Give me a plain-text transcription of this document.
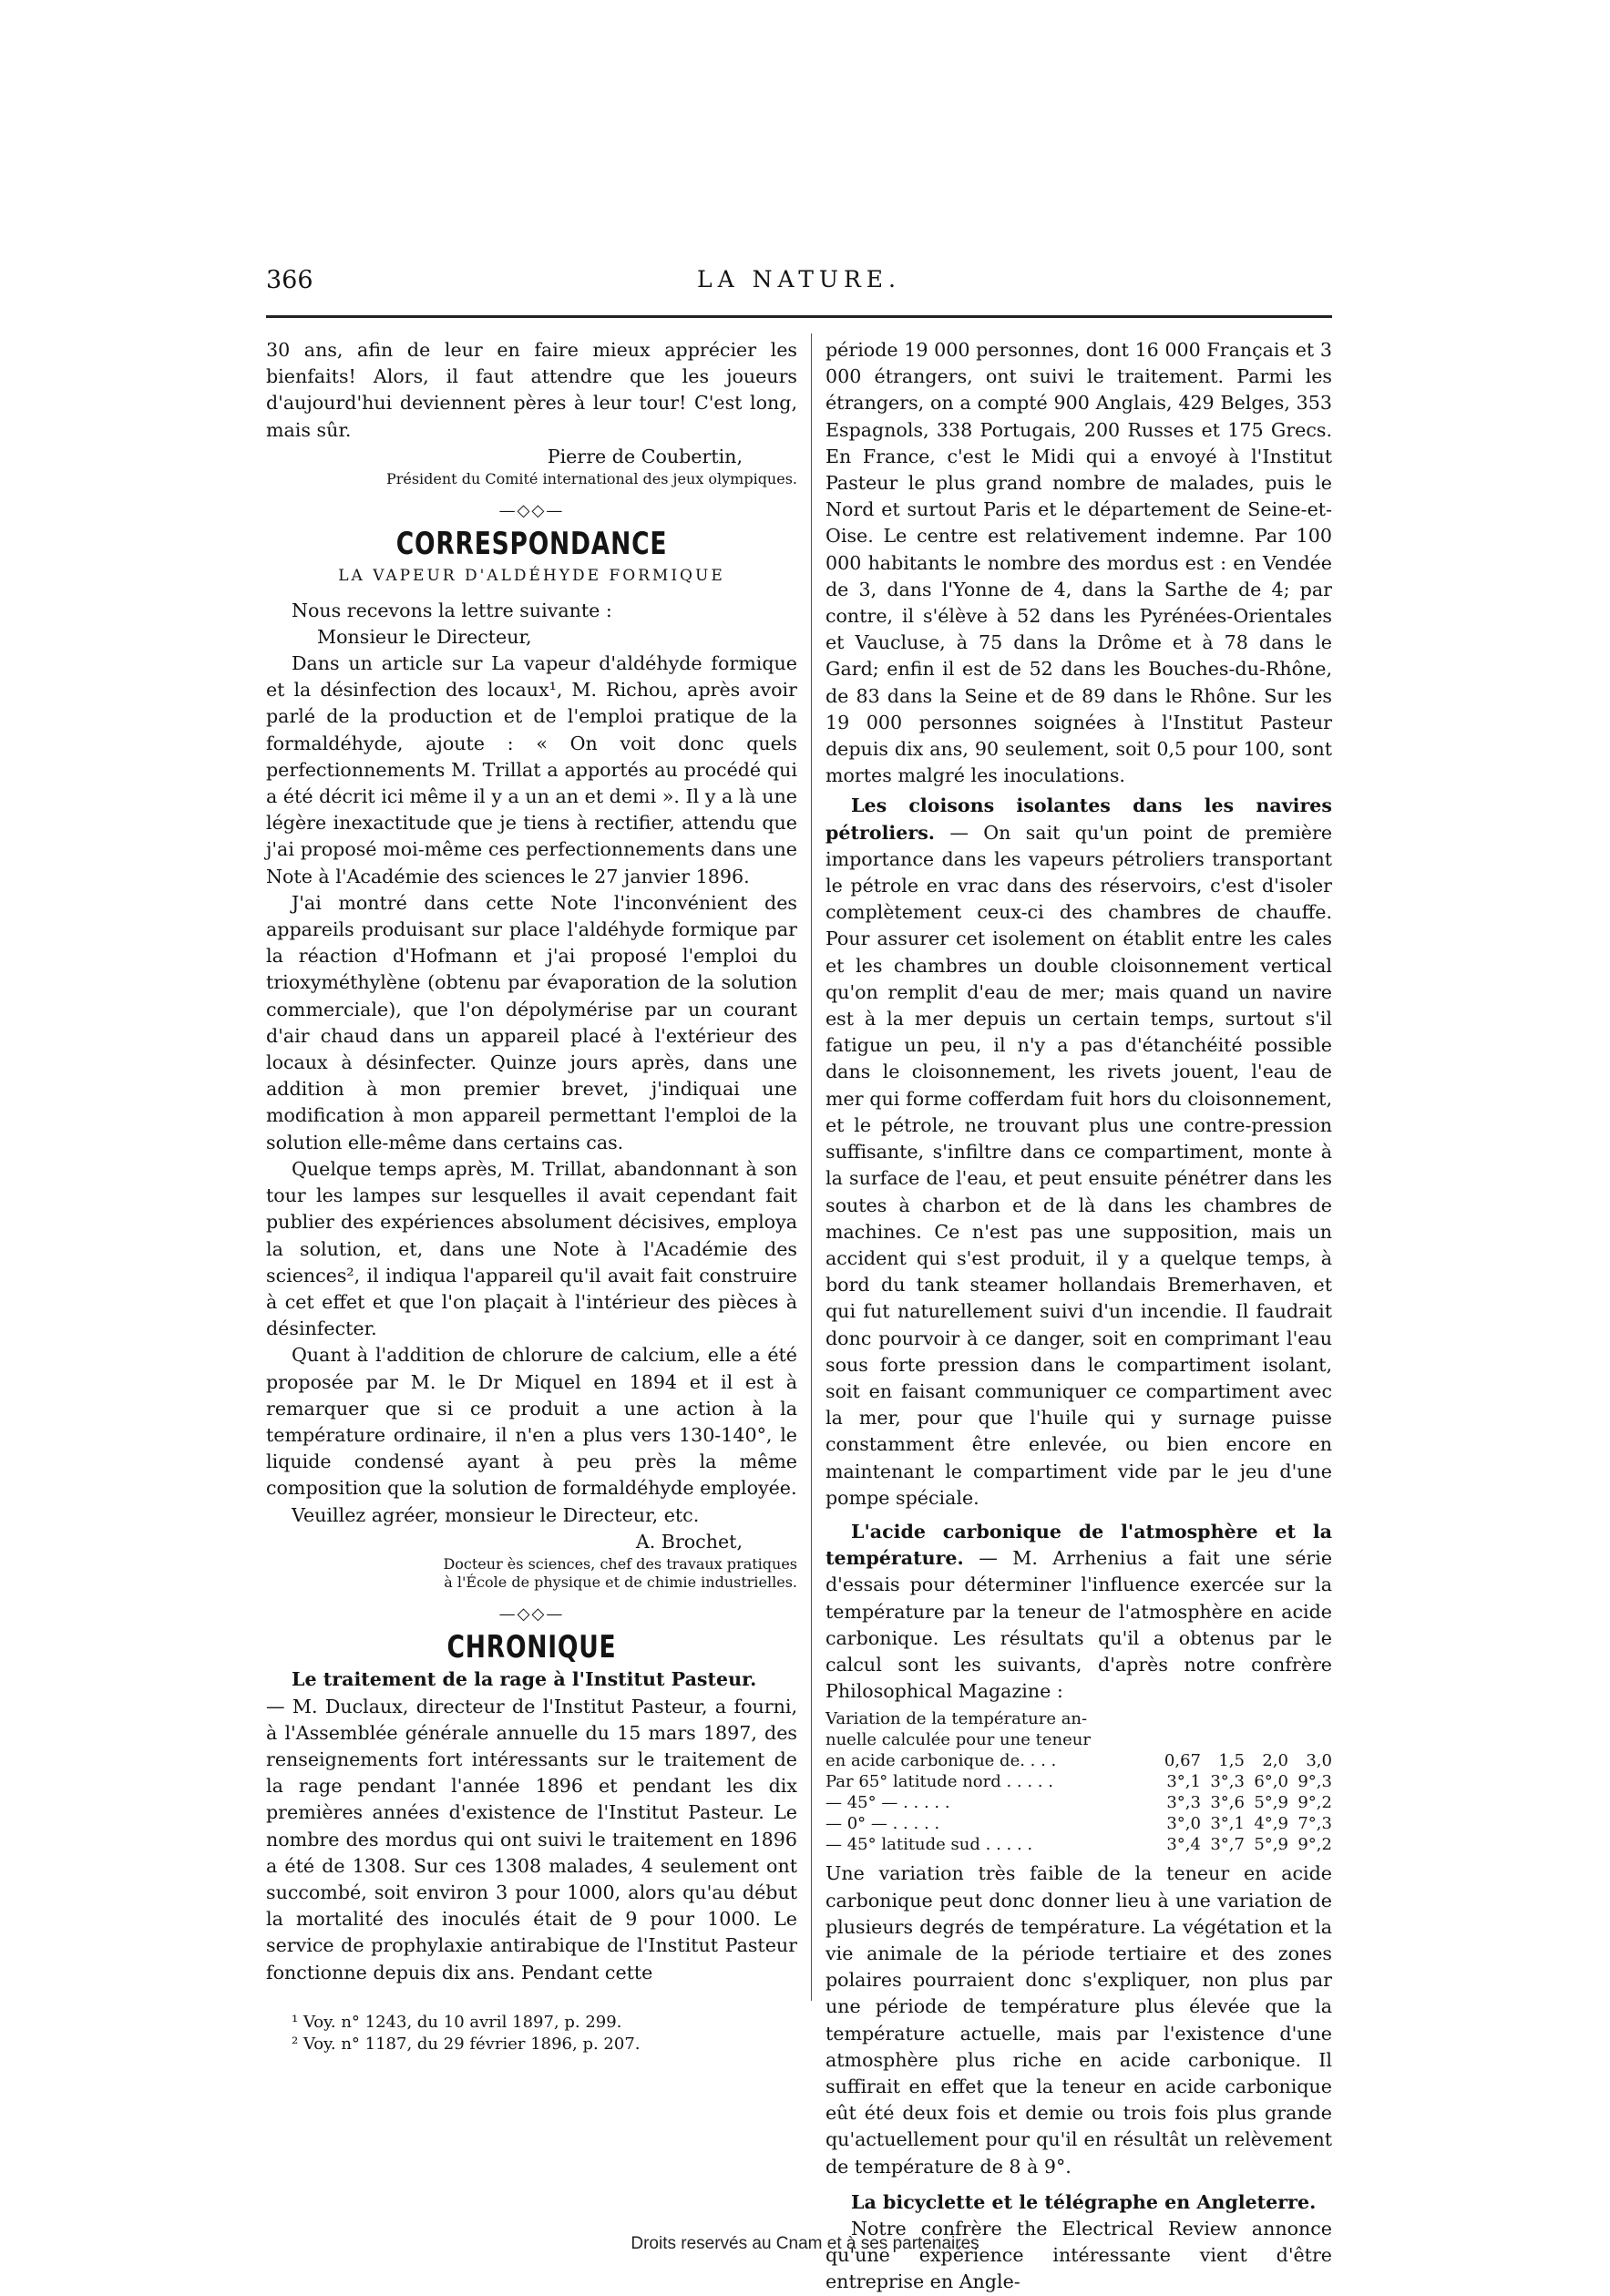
366	LA NATURE.

30 ans, afin de leur en faire mieux apprécier les bienfaits! Alors, il faut attendre que les joueurs d'aujourd'hui deviennent pères à leur tour! C'est long, mais sûr.

Pierre de Coubertin,

Président du Comité international des jeux olympiques.

—◇◇—
CORRESPONDANCE
LA VAPEUR D'ALDÉHYDE FORMIQUE

Nous recevons la lettre suivante :

Monsieur le Directeur,

Dans un article sur La vapeur d'aldéhyde formique et la désinfection des locaux¹, M. Richou, après avoir parlé de la production et de l'emploi pratique de la formaldéhyde, ajoute : « On voit donc quels perfectionnements M. Trillat a apportés au procédé qui a été décrit ici même il y a un an et demi ». Il y a là une légère inexactitude que je tiens à rectifier, attendu que j'ai proposé moi-même ces perfectionnements dans une Note à l'Académie des sciences le 27 janvier 1896.

J'ai montré dans cette Note l'inconvénient des appareils produisant sur place l'aldéhyde formique par la réaction d'Hofmann et j'ai proposé l'emploi du trioxyméthylène (obtenu par évaporation de la solution commerciale), que l'on dépolymérise par un courant d'air chaud dans un appareil placé à l'extérieur des locaux à désinfecter. Quinze jours après, dans une addition à mon premier brevet, j'indiquai une modification à mon appareil permettant l'emploi de la solution elle-même dans certains cas.

Quelque temps après, M. Trillat, abandonnant à son tour les lampes sur lesquelles il avait cependant fait publier des expériences absolument décisives, employa la solution, et, dans une Note à l'Académie des sciences², il indiqua l'appareil qu'il avait fait construire à cet effet et que l'on plaçait à l'intérieur des pièces à désinfecter.

Quant à l'addition de chlorure de calcium, elle a été proposée par M. le Dr Miquel en 1894 et il est à remarquer que si ce produit a une action à la température ordinaire, il n'en a plus vers 130-140°, le liquide condensé ayant à peu près la même composition que la solution de formaldéhyde employée.

Veuillez agréer, monsieur le Directeur, etc.

A. Brochet,

Docteur ès sciences, chef des travaux pratiques

à l'École de physique et de chimie industrielles.

—◇◇—
CHRONIQUE

Le traitement de la rage à l'Institut Pasteur.

— M. Duclaux, directeur de l'Institut Pasteur, a fourni, à l'Assemblée générale annuelle du 15 mars 1897, des renseignements fort intéressants sur le traitement de la rage pendant l'année 1896 et pendant les dix premières années d'existence de l'Institut Pasteur. Le nombre des mordus qui ont suivi le traitement en 1896 a été de 1308. Sur ces 1308 malades, 4 seulement ont succombé, soit environ 3 pour 1000, alors qu'au début la mortalité des inoculés était de 9 pour 1000. Le service de prophylaxie antirabique de l'Institut Pasteur fonctionne depuis dix ans. Pendant cette

¹ Voy. n° 1243, du 10 avril 1897, p. 299.

² Voy. n° 1187, du 29 février 1896, p. 207.

période 19 000 personnes, dont 16 000 Français et 3 000 étrangers, ont suivi le traitement. Parmi les étrangers, on a compté 900 Anglais, 429 Belges, 353 Espagnols, 338 Portugais, 200 Russes et 175 Grecs. En France, c'est le Midi qui a envoyé à l'Institut Pasteur le plus grand nombre de malades, puis le Nord et surtout Paris et le département de Seine-et-Oise. Le centre est relativement indemne. Par 100 000 habitants le nombre des mordus est : en Vendée de 3, dans l'Yonne de 4, dans la Sarthe de 4; par contre, il s'élève à 52 dans les Pyrénées-Orientales et Vaucluse, à 75 dans la Drôme et à 78 dans le Gard; enfin il est de 52 dans les Bouches-du-Rhône, de 83 dans la Seine et de 89 dans le Rhône. Sur les 19 000 personnes soignées à l'Institut Pasteur depuis dix ans, 90 seulement, soit 0,5 pour 100, sont mortes malgré les inoculations.

Les cloisons isolantes dans les navires pétroliers. — On sait qu'un point de première importance dans les vapeurs pétroliers transportant le pétrole en vrac dans des réservoirs, c'est d'isoler complètement ceux-ci des chambres de chauffe. Pour assurer cet isolement on établit entre les cales et les chambres un double cloisonnement vertical qu'on remplit d'eau de mer; mais quand un navire est à la mer depuis un certain temps, surtout s'il fatigue un peu, il n'y a pas d'étanchéité possible dans le cloisonnement, les rivets jouent, l'eau de mer qui forme cofferdam fuit hors du cloisonnement, et le pétrole, ne trouvant plus une contre-pression suffisante, s'infiltre dans ce compartiment, monte à la surface de l'eau, et peut ensuite pénétrer dans les soutes à charbon et de là dans les chambres de machines. Ce n'est pas une supposition, mais un accident qui s'est produit, il y a quelque temps, à bord du tank steamer hollandais Bremerhaven, et qui fut naturellement suivi d'un incendie. Il faudrait donc pourvoir à ce danger, soit en comprimant l'eau sous forte pression dans le compartiment isolant, soit en faisant communiquer ce compartiment avec la mer, pour que l'huile qui y surnage puisse constamment être enlevée, ou bien encore en maintenant le compartiment vide par le jeu d'une pompe spéciale.

L'acide carbonique de l'atmosphère et la température. — M. Arrhenius a fait une série d'essais pour déterminer l'influence exercée sur la température par la teneur de l'atmosphère en acide carbonique. Les résultats qu'il a obtenus par le calcul sont les suivants, d'après notre confrère Philosophical Magazine :

Variation de la température an-				
nuelle calculée pour une teneur				
en acide carbonique de. . . .	0,67	1,5	2,0	3,0
Par 65° latitude nord . . . . .	3°,1	3°,3	6°,0	9°,3
— 45° — . . . . .	3°,3	3°,6	5°,9	9°,2
— 0° — . . . . .	3°,0	3°,1	4°,9	7°,3
— 45° latitude sud . . . . .	3°,4	3°,7	5°,9	9°,2

Une variation très faible de la teneur en acide carbonique peut donc donner lieu à une variation de plusieurs degrés de température. La végétation et la vie animale de la période tertiaire et des zones polaires pourraient donc s'expliquer, non plus par une période de température plus élevée que la température actuelle, mais par l'existence d'une atmosphère plus riche en acide carbonique. Il suffirait en effet que la teneur en acide carbonique eût été deux fois et demie ou trois fois plus grande qu'actuellement pour qu'il en résultât un relèvement de température de 8 à 9°.

La bicyclette et le télégraphe en Angleterre.

Notre confrère the Electrical Review annonce qu'une expérience intéressante vient d'être entreprise en Angle-

Droits reservés au Cnam et à ses partenaires
